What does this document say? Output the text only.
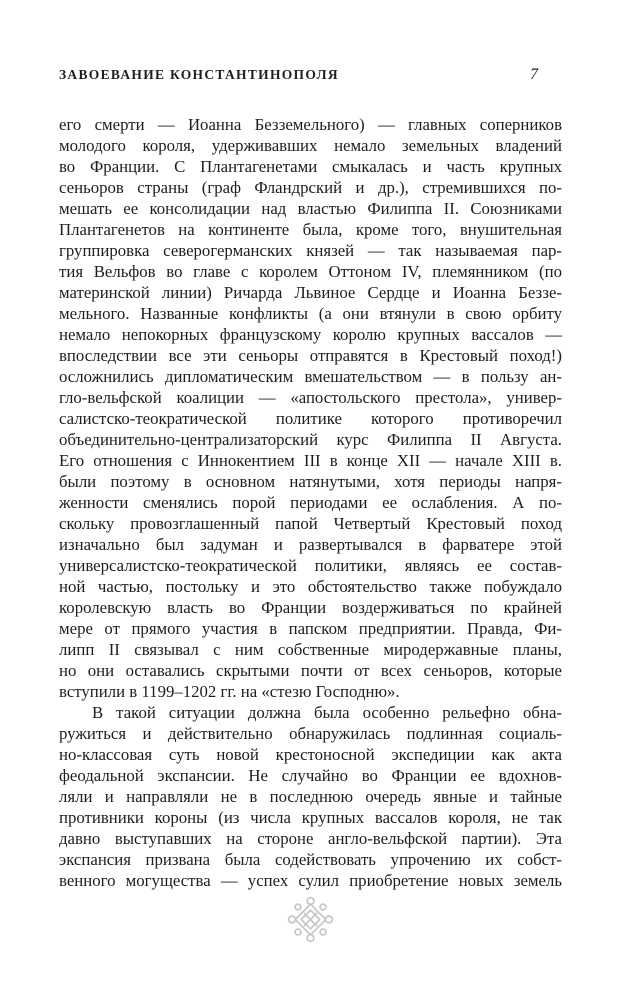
ЗАВОЕВАНИЕ КОНСТАНТИНОПОЛЯ	7
его смерти — Иоанна Безземельного) — главных соперников
молодого короля, удерживавших немало земельных владений
во Франции. С Плантагенетами смыкалась и часть крупных
сеньоров страны (граф Фландрский и др.), стремившихся по-
мешать ее консолидации над властью Филиппа II. Союзниками
Плантагенетов на континенте была, кроме того, внушительная
группировка северогерманских князей — так называемая пар-
тия Вельфов во главе с королем Оттоном IV, племянником (по
материнской линии) Ричарда Львиное Сердце и Иоанна Беззе-
мельного. Названные конфликты (а они втянули в свою орбиту
немало непокорных французскому королю крупных вассалов —
впоследствии все эти сеньоры отправятся в Крестовый поход!)
осложнились дипломатическим вмешательством — в пользу ан-
гло-вельфской коалиции — «апостольского престола», универ-
салистско-теократической политике которого противоречил
объединительно-централизаторский курс Филиппа II Августа.
Его отношения с Иннокентием III в конце XII — начале XIII в.
были поэтому в основном натянутыми, хотя периоды напря-
женности сменялись порой периодами ее ослабления. А по-
скольку провозглашенный папой Четвертый Крестовый поход
изначально был задуман и развертывался в фарватере этой
универсалистско-теократической политики, являясь ее состав-
ной частью, постольку и это обстоятельство также побуждало
королевскую власть во Франции воздерживаться по крайней
мере от прямого участия в папском предприятии. Правда, Фи-
липп II связывал с ним собственные миродержавные планы,
но они оставались скрытыми почти от всех сеньоров, которые
вступили в 1199–1202 гг. на «стезю Господню».
В такой ситуации должна была особенно рельефно обна-
ружиться и действительно обнаружилась подлинная социаль-
но-классовая суть новой крестоносной экспедиции как акта
феодальной экспансии. Не случайно во Франции ее вдохнов-
ляли и направляли не в последнюю очередь явные и тайные
противники короны (из числа крупных вассалов короля, не так
давно выступавших на стороне англо-вельфской партии). Эта
экспансия призвана была содействовать упрочению их собст-
венного могущества — успех сулил приобретение новых земель
